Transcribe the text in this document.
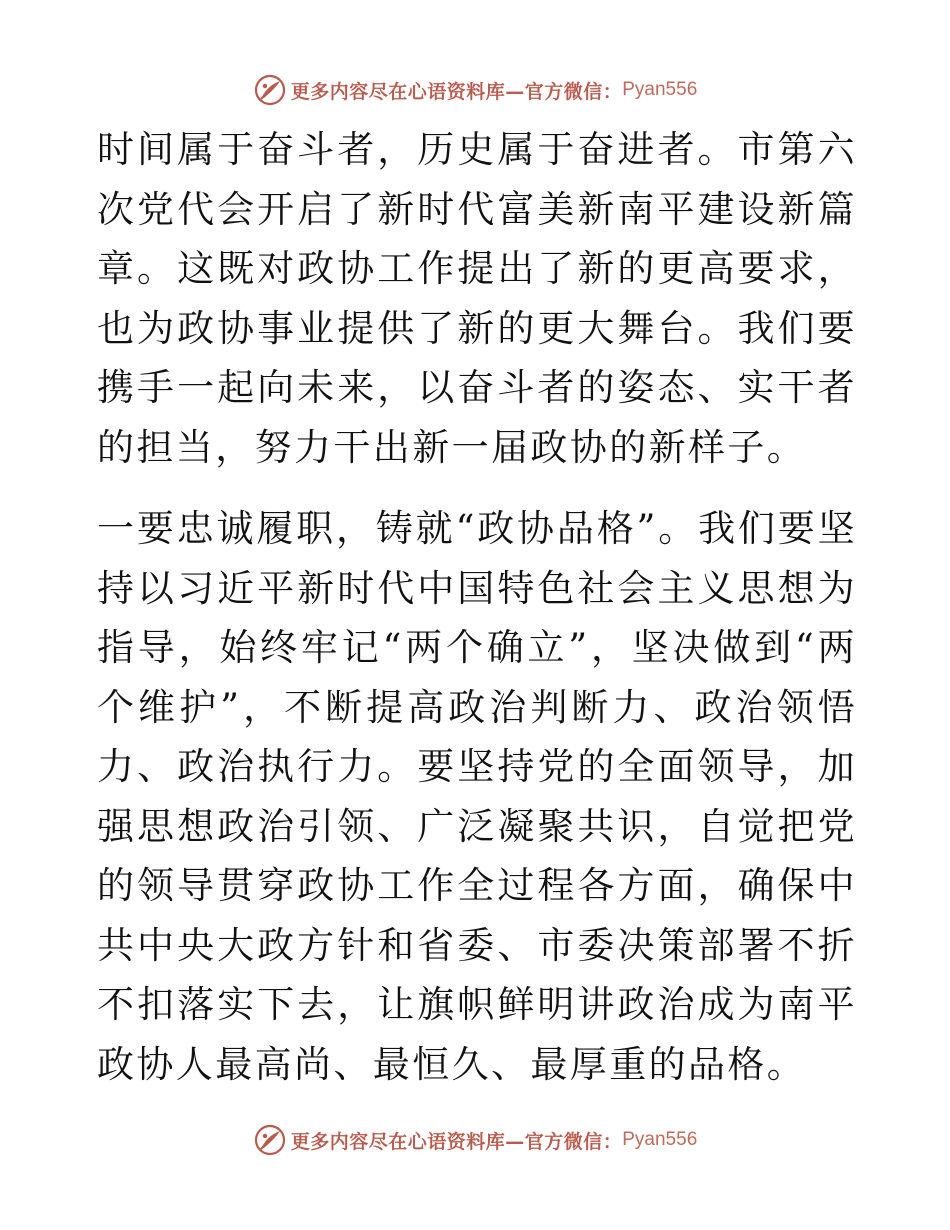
更多内容尽在心语资料库—官方微信： Pyan556

时间属于奋斗者，历史属于奋进者。市第六次党代会开启了新时代富美新南平建设新篇章。这既对政协工作提出了新的更高要求，也为政协事业提供了新的更大舞台。我们要携手一起向未来，以奋斗者的姿态、实干者的担当，努力干出新一届政协的新样子。

一要忠诚履职，铸就“政协品格”。我们要坚持以习近平新时代中国特色社会主义思想为指导，始终牢记“两个确立”，坚决做到“两个维护”，不断提高政治判断力、政治领悟力、政治执行力。要坚持党的全面领导，加强思想政治引领、广泛凝聚共识，自觉把党的领导贯穿政协工作全过程各方面，确保中共中央大政方针和省委、市委决策部署不折不扣落实下去，让旗帜鲜明讲政治成为南平政协人最高尚、最恒久、最厚重的品格。

更多内容尽在心语资料库—官方微信： Pyan556
